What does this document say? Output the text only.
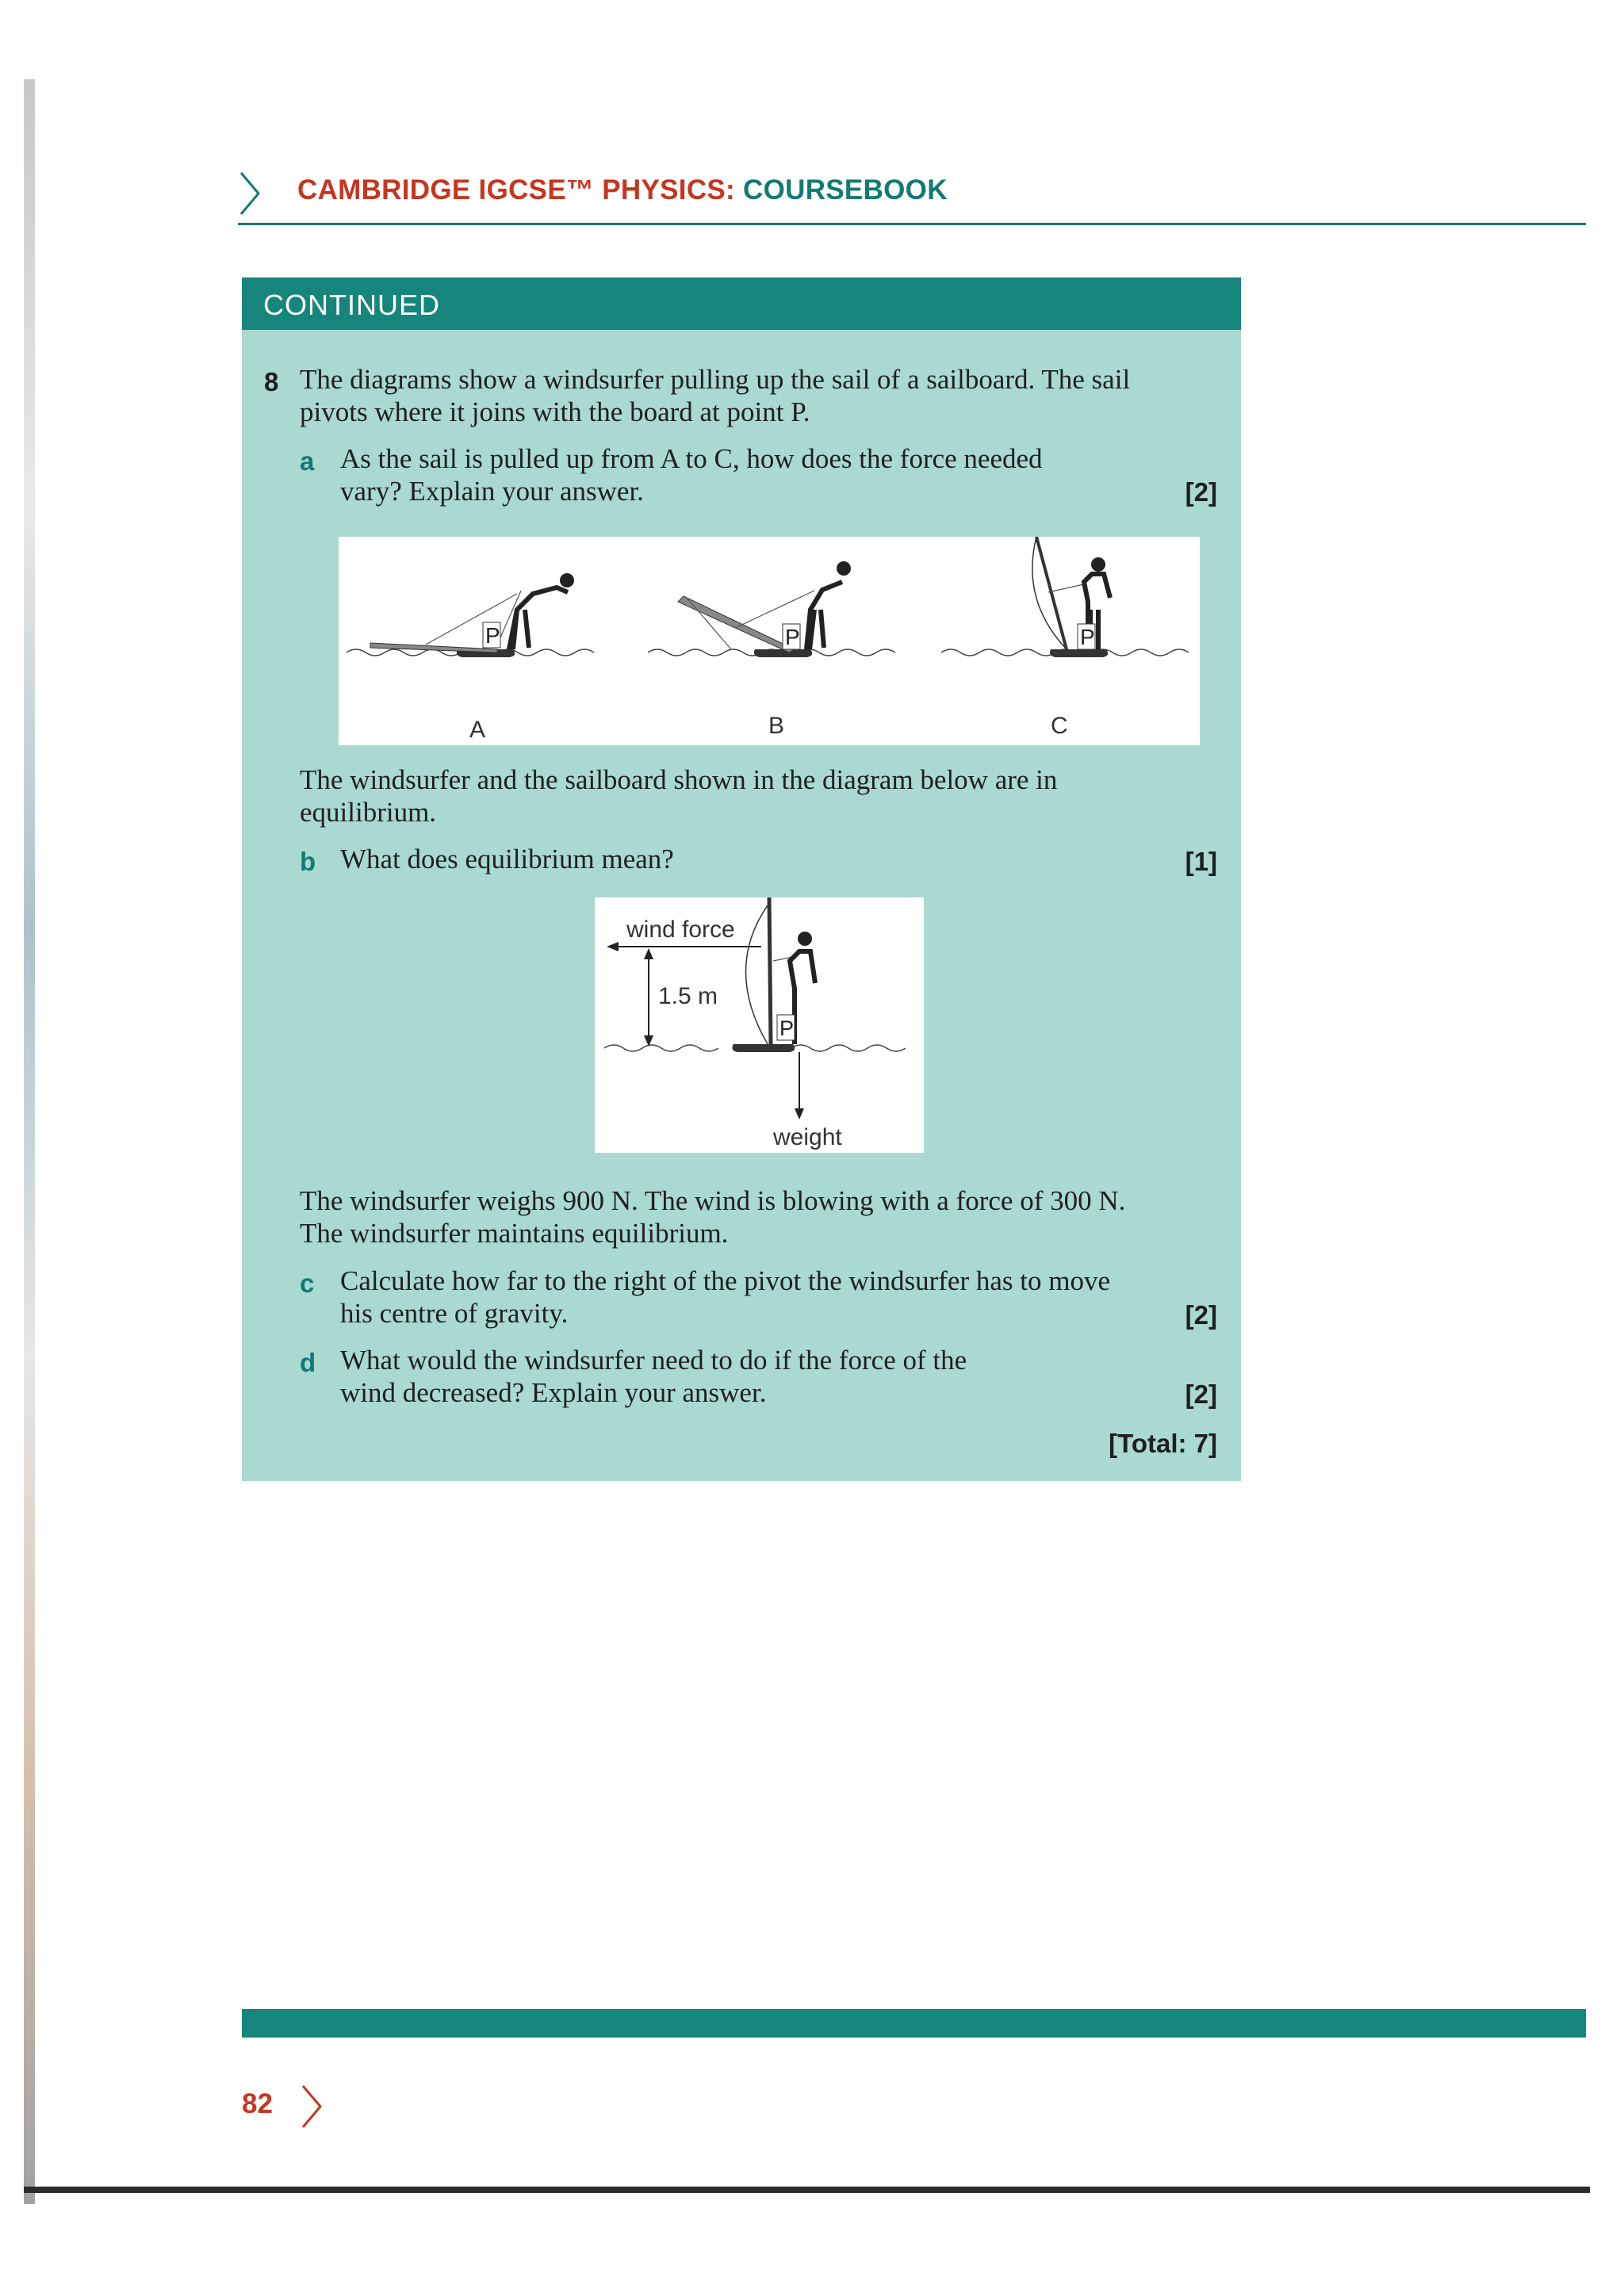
CAMBRIDGE IGCSE™ PHYSICS: COURSEBOOK
CONTINUED
8 The diagrams show a windsurfer pulling up the sail of a sailboard. The sail
pivots where it joins with the board at point P.
a As the sail is pulled up from A to C, how does the force needed
vary? Explain your answer.	[2]
P	P	P
A	B	C
The windsurfer and the sailboard shown in the diagram below are in
equilibrium.
b What does equilibrium mean?	[1]
P
wind force
1.5 m
weight
The windsurfer weighs 900 N. The wind is blowing with a force of 300 N.
The windsurfer maintains equilibrium.
c Calculate how far to the right of the pivot the windsurfer has to move
his centre of gravity.	[2]
d What would the windsurfer need to do if the force of the
wind decreased? Explain your answer.	[2]
[Total: 7]
82
